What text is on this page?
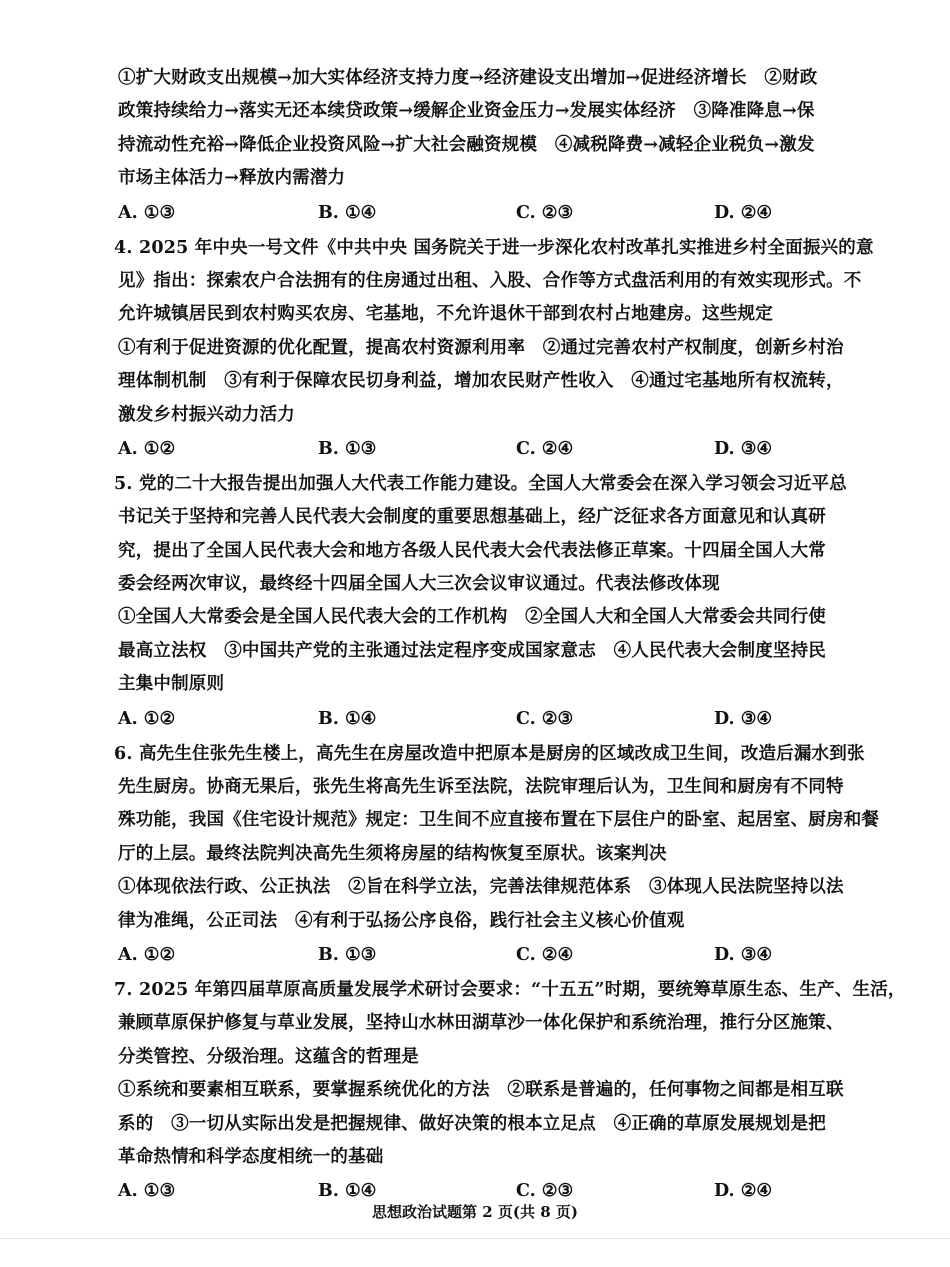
①扩大财政支出规模→加大实体经济支持力度→经济建设支出增加→促进经济增长　②财政
政策持续给力→落实无还本续贷政策→缓解企业资金压力→发展实体经济　③降准降息→保
持流动性充裕→降低企业投资风险→扩大社会融资规模　④减税降费→减轻企业税负→激发
市场主体活力→释放内需潜力
A. ①③	B. ①④	C. ②③	D. ②④
4. 2025 年中央一号文件《中共中央 国务院关于进一步深化农村改革扎实推进乡村全面振兴的意
见》指出：探索农户合法拥有的住房通过出租、入股、合作等方式盘活利用的有效实现形式。不
允许城镇居民到农村购买农房、宅基地，不允许退休干部到农村占地建房。这些规定
①有利于促进资源的优化配置，提高农村资源利用率　②通过完善农村产权制度，创新乡村治
理体制机制　③有利于保障农民切身利益，增加农民财产性收入　④通过宅基地所有权流转，
激发乡村振兴动力活力
A. ①②	B. ①③	C. ②④	D. ③④
5. 党的二十大报告提出加强人大代表工作能力建设。全国人大常委会在深入学习领会习近平总
书记关于坚持和完善人民代表大会制度的重要思想基础上，经广泛征求各方面意见和认真研
究，提出了全国人民代表大会和地方各级人民代表大会代表法修正草案。十四届全国人大常
委会经两次审议，最终经十四届全国人大三次会议审议通过。代表法修改体现
①全国人大常委会是全国人民代表大会的工作机构　②全国人大和全国人大常委会共同行使
最高立法权　③中国共产党的主张通过法定程序变成国家意志　④人民代表大会制度坚持民
主集中制原则
A. ①②	B. ①④	C. ②③	D. ③④
6. 高先生住张先生楼上，高先生在房屋改造中把原本是厨房的区域改成卫生间，改造后漏水到张
先生厨房。协商无果后，张先生将高先生诉至法院，法院审理后认为，卫生间和厨房有不同特
殊功能，我国《住宅设计规范》规定：卫生间不应直接布置在下层住户的卧室、起居室、厨房和餐
厅的上层。最终法院判决高先生须将房屋的结构恢复至原状。该案判决
①体现依法行政、公正执法　②旨在科学立法，完善法律规范体系　③体现人民法院坚持以法
律为准绳，公正司法　④有利于弘扬公序良俗，践行社会主义核心价值观
A. ①②	B. ①③	C. ②④	D. ③④
7. 2025 年第四届草原高质量发展学术研讨会要求：“十五五”时期，要统筹草原生态、生产、生活，
兼顾草原保护修复与草业发展，坚持山水林田湖草沙一体化保护和系统治理，推行分区施策、
分类管控、分级治理。这蕴含的哲理是
①系统和要素相互联系，要掌握系统优化的方法　②联系是普遍的，任何事物之间都是相互联
系的　③一切从实际出发是把握规律、做好决策的根本立足点　④正确的草原发展规划是把
革命热情和科学态度相统一的基础
A. ①③	B. ①④	C. ②③	D. ②④
思想政治试题第 2 页(共 8 页)
